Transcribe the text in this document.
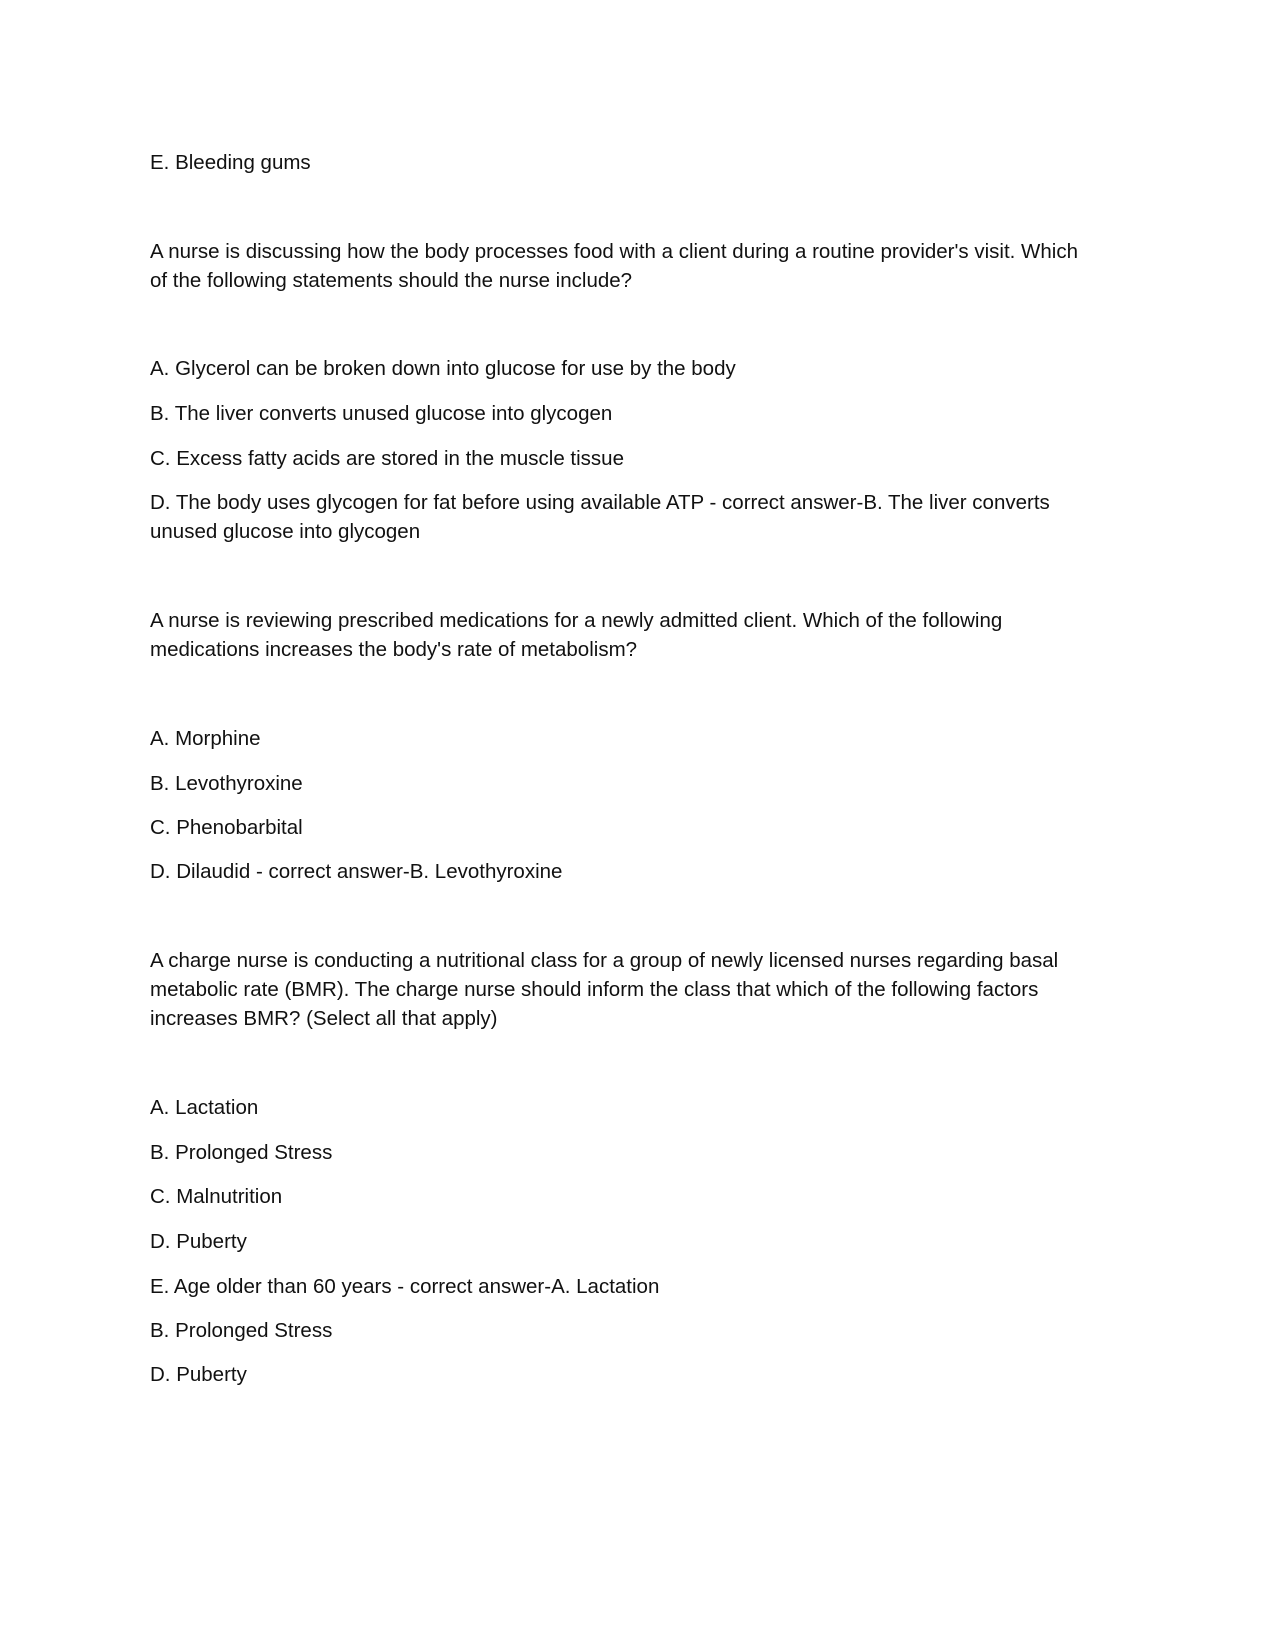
E. Bleeding gums
A nurse is discussing how the body processes food with a client during a routine provider's visit. Which
of the following statements should the nurse include?
A. Glycerol can be broken down into glucose for use by the body
B. The liver converts unused glucose into glycogen
C. Excess fatty acids are stored in the muscle tissue
D. The body uses glycogen for fat before using available ATP - correct answer-B. The liver converts
unused glucose into glycogen
A nurse is reviewing prescribed medications for a newly admitted client. Which of the following
medications increases the body's rate of metabolism?
A. Morphine
B. Levothyroxine
C. Phenobarbital
D. Dilaudid - correct answer-B. Levothyroxine
A charge nurse is conducting a nutritional class for a group of newly licensed nurses regarding basal
metabolic rate (BMR). The charge nurse should inform the class that which of the following factors
increases BMR? (Select all that apply)
A. Lactation
B. Prolonged Stress
C. Malnutrition
D. Puberty
E. Age older than 60 years - correct answer-A. Lactation
B. Prolonged Stress
D. Puberty
